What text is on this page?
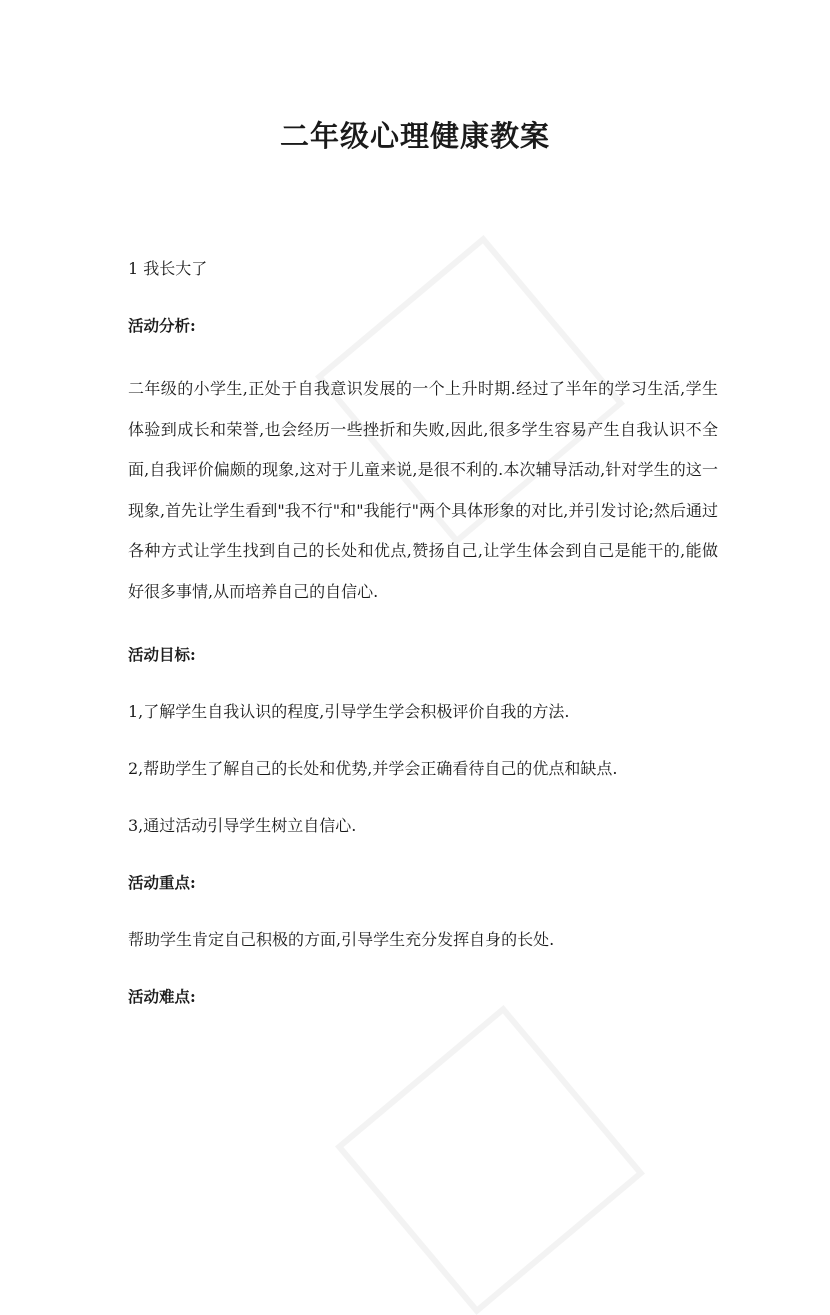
二年级心理健康教案

1 我长大了

活动分析:

二年级的小学生,正处于自我意识发展的一个上升时期.经过了半年的学习生活,学生体验到成长和荣誉,也会经历一些挫折和失败,因此,很多学生容易产生自我认识不全面,自我评价偏颇的现象,这对于儿童来说,是很不利的.本次辅导活动,针对学生的这一现象,首先让学生看到"我不行"和"我能行"两个具体形象的对比,并引发讨论;然后通过各种方式让学生找到自己的长处和优点,赞扬自己,让学生体会到自己是能干的,能做好很多事情,从而培养自己的自信心.

活动目标:

1,了解学生自我认识的程度,引导学生学会积极评价自我的方法.

2,帮助学生了解自己的长处和优势,并学会正确看待自己的优点和缺点.

3,通过活动引导学生树立自信心.

活动重点:

帮助学生肯定自己积极的方面,引导学生充分发挥自身的长处.

活动难点:
